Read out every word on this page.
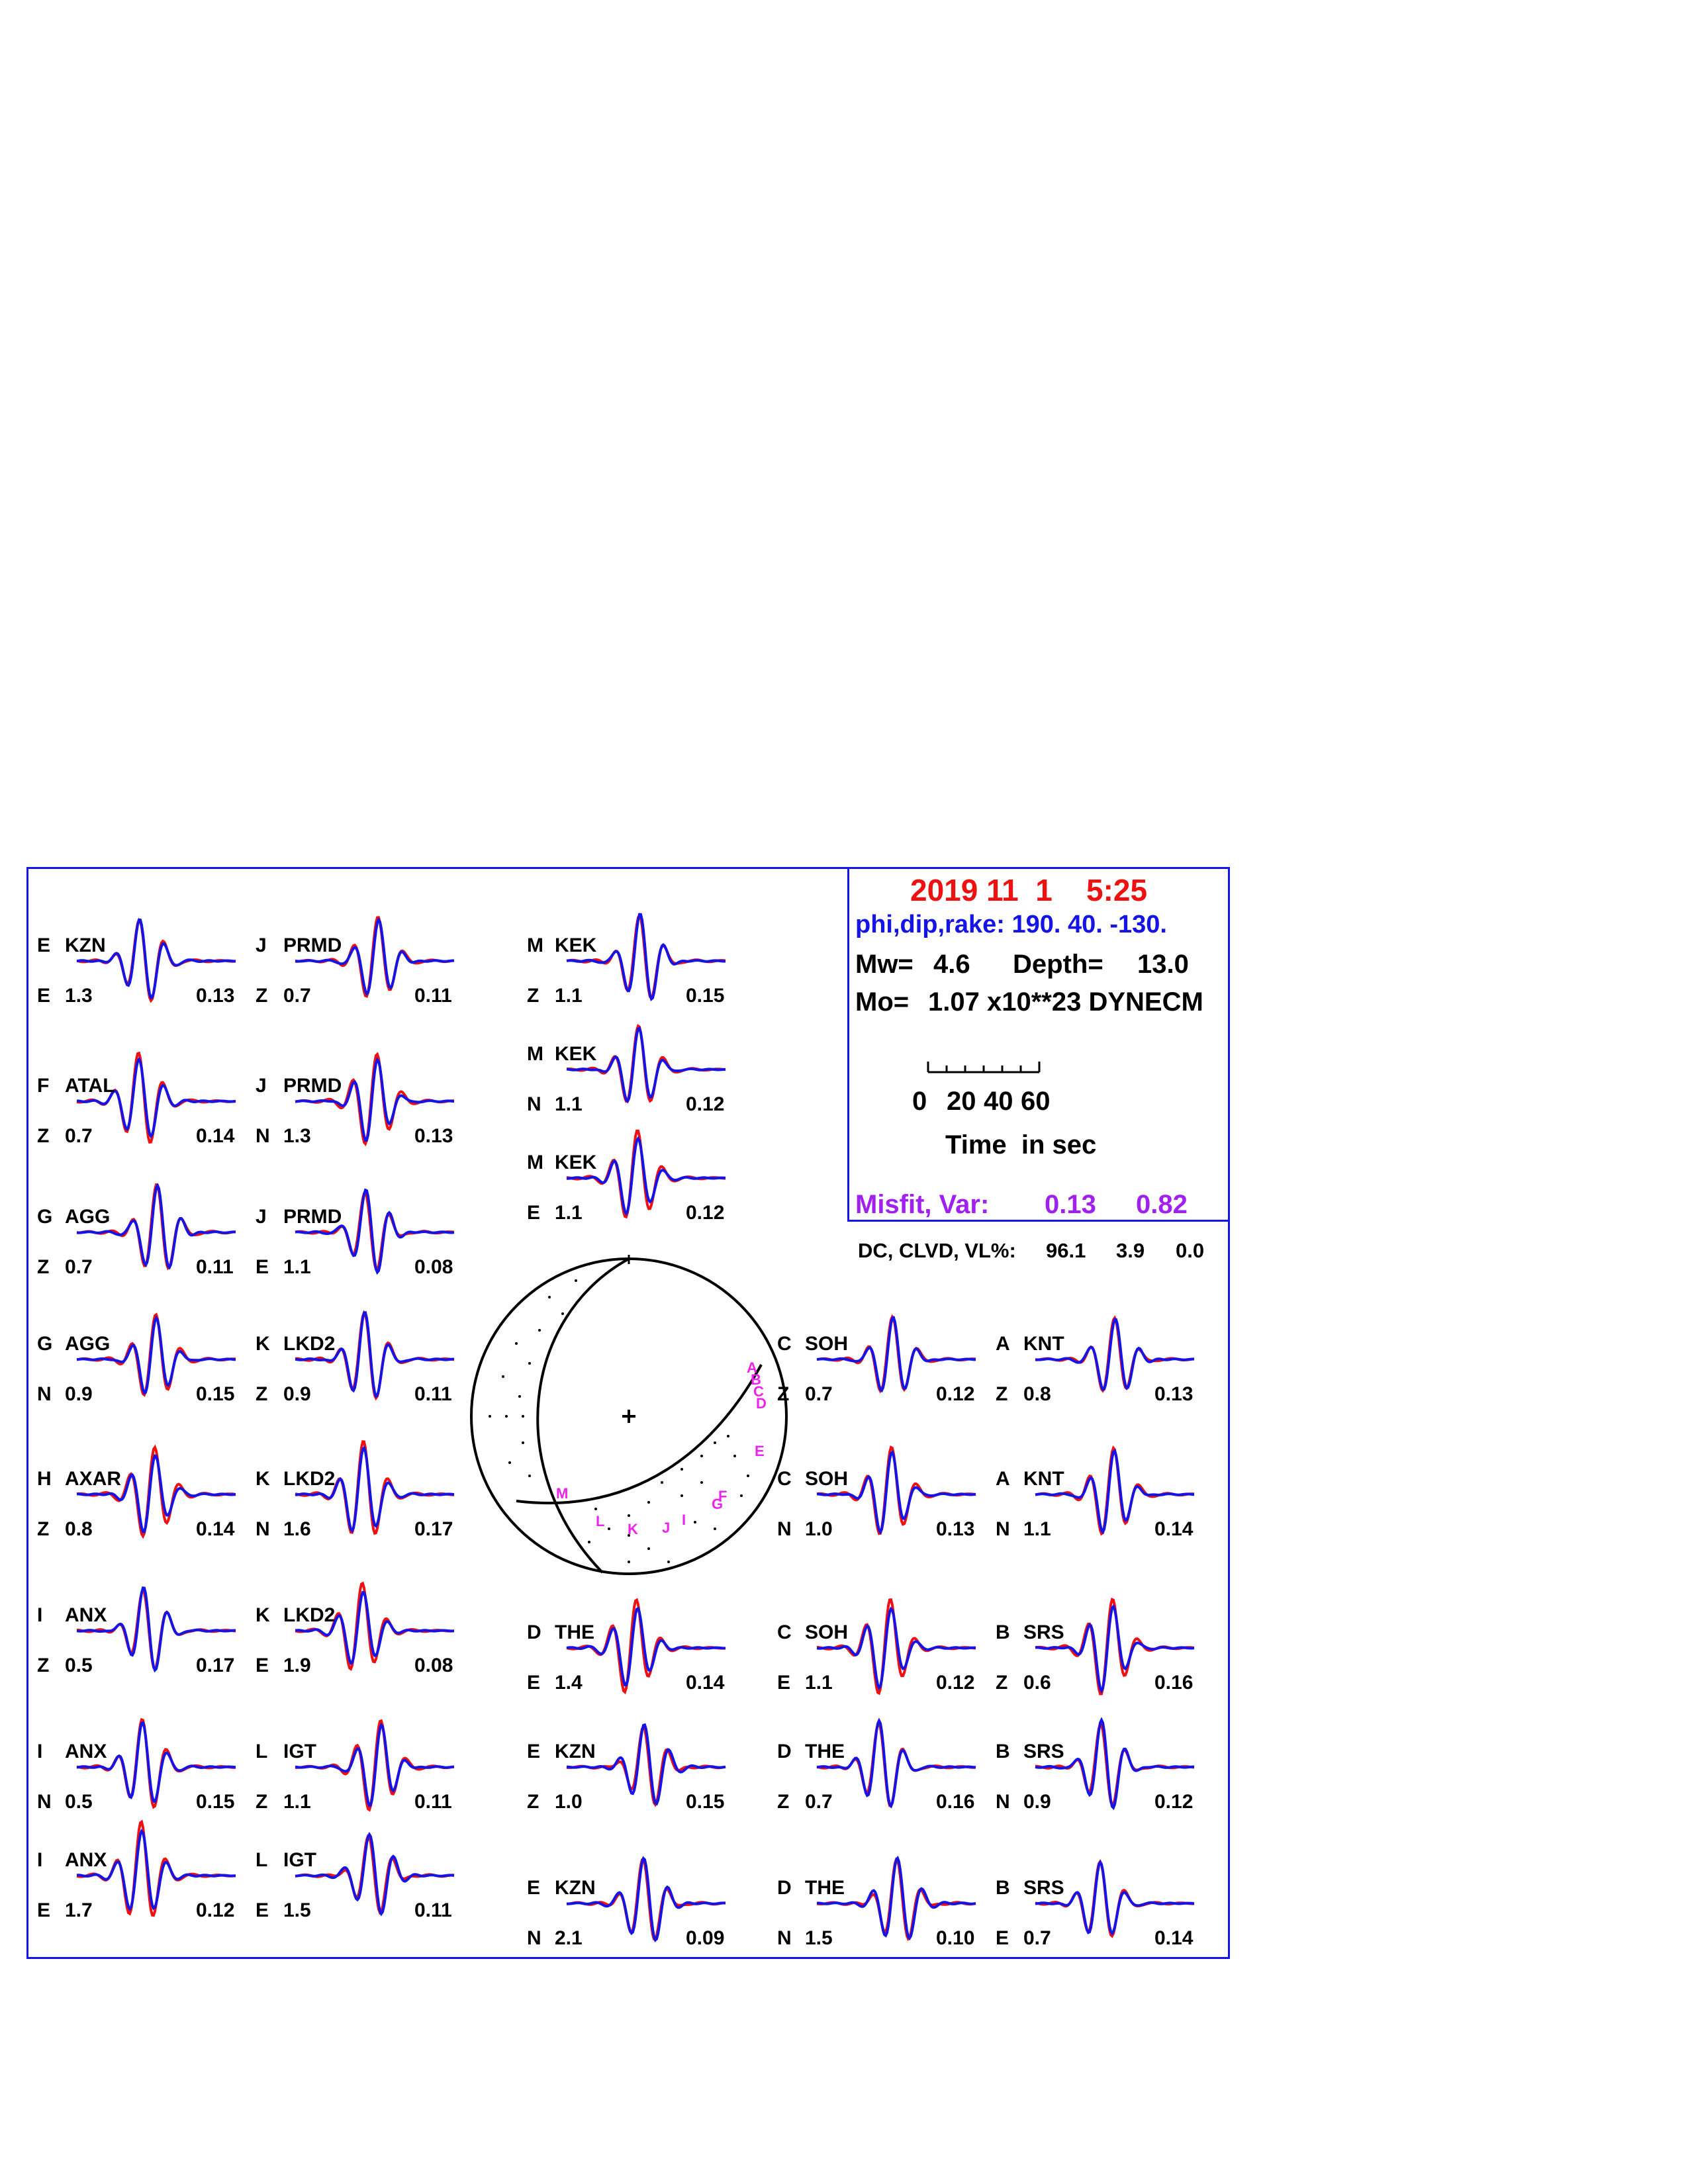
2019 11  1    5:25
phi,dip,rake: 190. 40. -130.
Mw= 4.6 Depth= 13.0
Mo= 1.07 x10**23 DYNECM
Time  in sec
Misfit, Var: 0.13 0.82
DC, CLVD, VL%: 96.1 3.9 0.0
0 20 40 60
E KZN
E 1.3	0.13
F ATAL
Z 0.7	0.14
G AGG
Z 0.7	0.11
G AGG
N 0.9	0.15
H AXAR
Z 0.8	0.14
I ANX
Z 0.5	0.17
I ANX
N 0.5	0.15
I ANX
E 1.7	0.12
J PRMD
Z 0.7	0.11
J PRMD
N 1.3	0.13
J PRMD
E 1.1	0.08
K LKD2
Z 0.9	0.11
K LKD2
N 1.6	0.17
K LKD2
E 1.9	0.08
L IGT
Z 1.1	0.11
L IGT
E 1.5	0.11
M KEK
Z 1.1	0.15
M KEK
N 1.1	0.12
M KEK
E 1.1	0.12
D THE
E 1.4	0.14
E KZN
Z 1.0	0.15
E KZN
N 2.1	0.09
C SOH
Z 0.7	0.12
C SOH
N 1.0	0.13
C SOH
E 1.1	0.12
D THE
Z 0.7	0.16
D THE
N 1.5	0.10
A KNT
Z 0.8	0.13
A KNT
N 1.1	0.14
B SRS
Z 0.6	0.16
B SRS
N 0.9	0.12
B SRS
E 0.7	0.14
A
B
C
D
E
F
G
I
J
K
L
M
